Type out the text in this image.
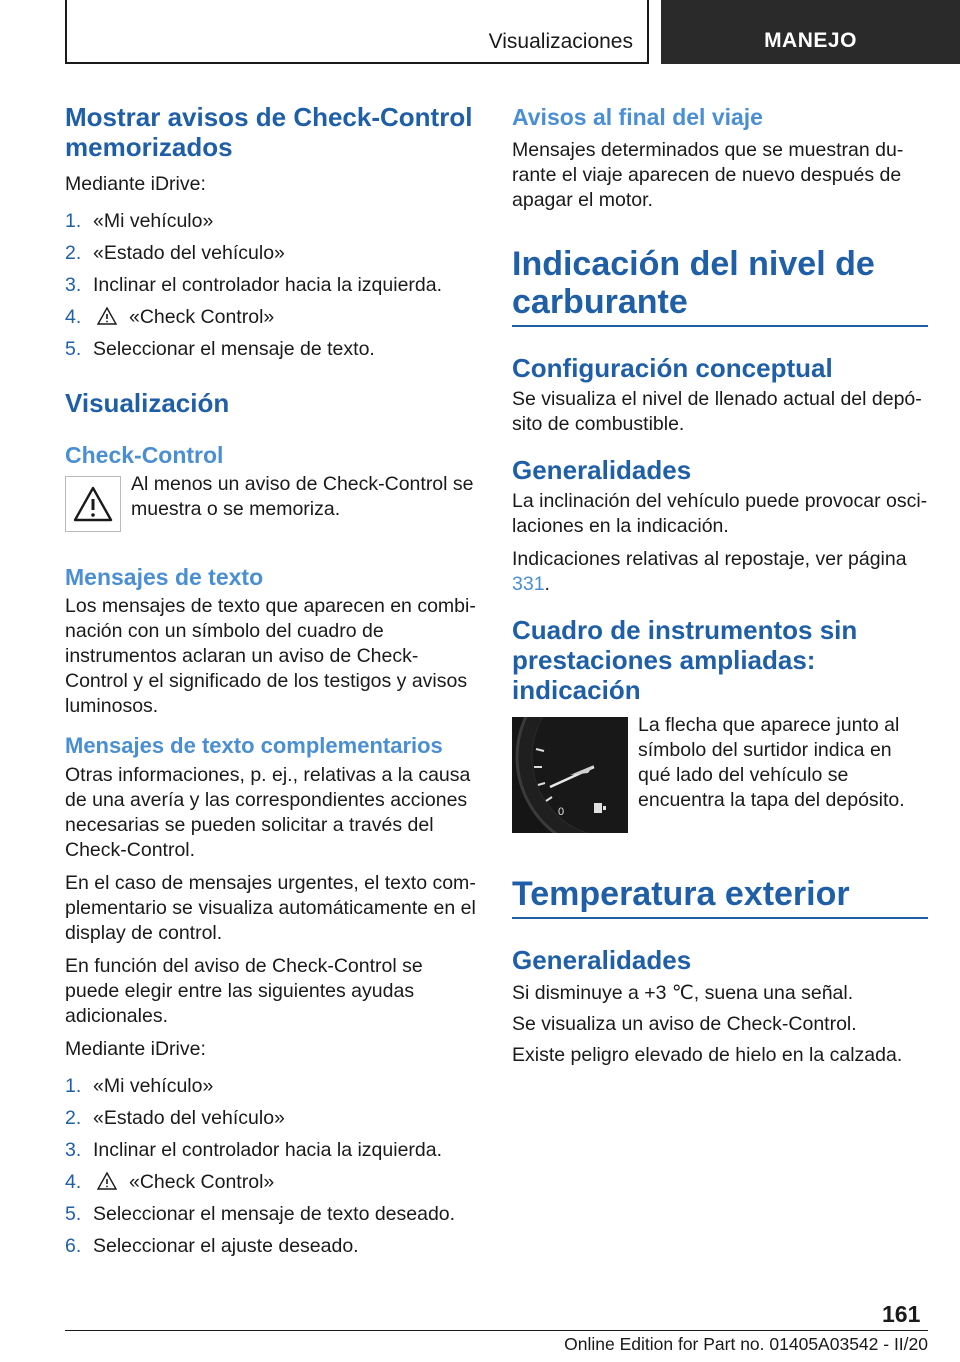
Visualizaciones	MANEJO
Mostrar avisos de Check-Control memorizados

Mediante iDrive:

1. «Mi vehículo»
2. «Estado del vehículo»
3. Inclinar el controlador hacia la izquierda.
4. «Check Control»
5. Seleccionar el mensaje de texto.
Visualización
Check-Control

Al menos un aviso de Check-Control se muestra o se memoriza.

Mensajes de texto

Los mensajes de texto que aparecen en combinación con un símbolo del cuadro de instrumentos aclaran un aviso de Check-Control y el significado de los testigos y avisos luminosos.

Mensajes de texto complementarios

Otras informaciones, p. ej., relativas a la causa de una avería y las correspondientes acciones necesarias se pueden solicitar a través del Check-Control.

En el caso de mensajes urgentes, el texto complementario se visualiza automáticamente en el display de control.

En función del aviso de Check-Control se puede elegir entre las siguientes ayudas adicionales.

Mediante iDrive:

1. «Mi vehículo»
2. «Estado del vehículo»
3. Inclinar el controlador hacia la izquierda.
4. «Check Control»
5. Seleccionar el mensaje de texto deseado.
6. Seleccionar el ajuste deseado.
Avisos al final del viaje

Mensajes determinados que se muestran durante el viaje aparecen de nuevo después de apagar el motor.

Indicación del nivel de carburante
Configuración conceptual

Se visualiza el nivel de llenado actual del depósito de combustible.

Generalidades

La inclinación del vehículo puede provocar oscilaciones en la indicación.

Indicaciones relativas al repostaje, ver página 331.

Cuadro de instrumentos sin prestaciones ampliadas: indicación
0

La flecha que aparece junto al símbolo del surtidor indica en qué lado del vehículo se encuentra la tapa del depósito.

Temperatura exterior
Generalidades

Si disminuye a +3 ℃, suena una señal.

Se visualiza un aviso de Check-Control.

Existe peligro elevado de hielo en la calzada.

161
Online Edition for Part no. 01405A03542 - II/20
